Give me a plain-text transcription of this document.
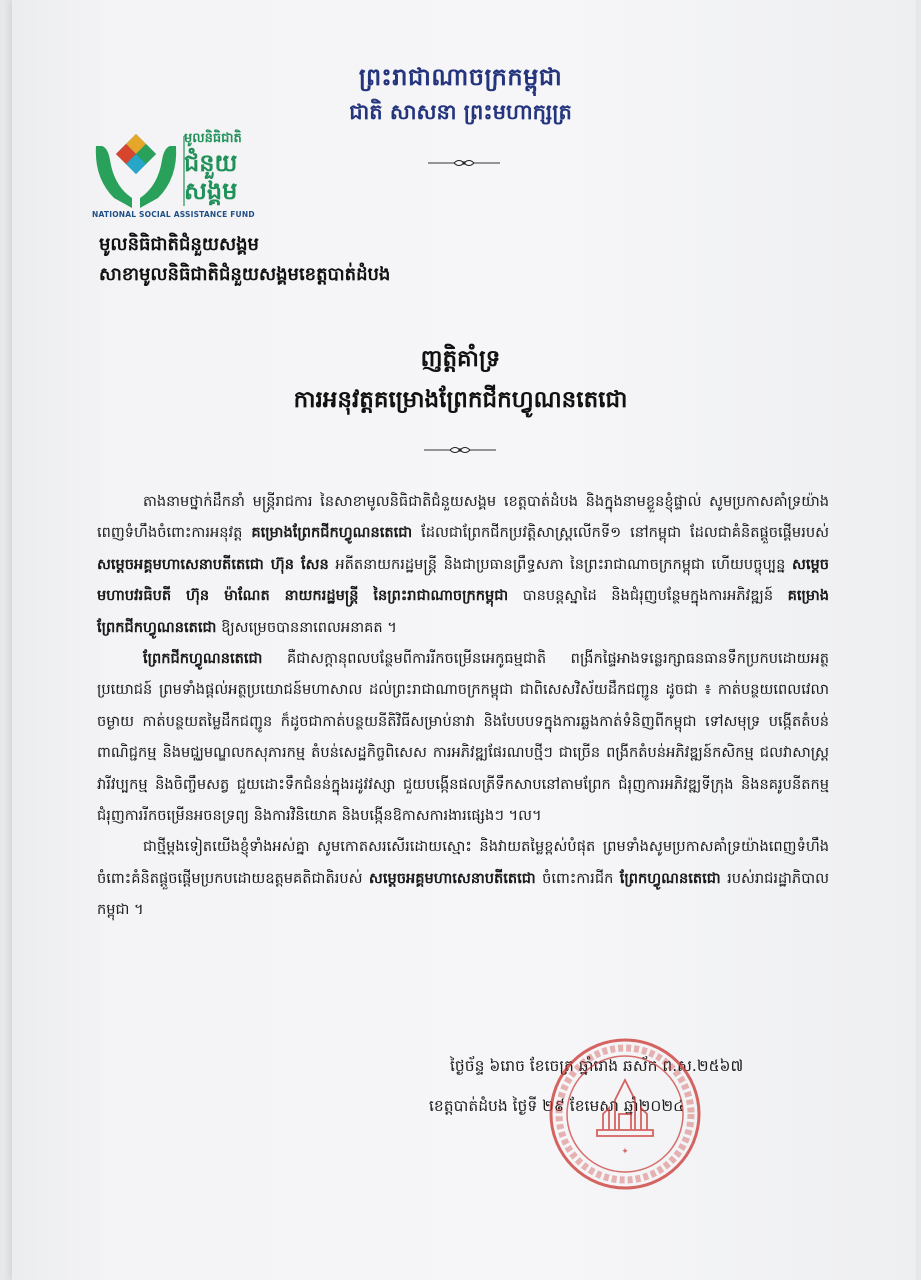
ព្រះរាជាណាចក្រកម្ពុជា
ជាតិ សាសនា ព្រះមហាក្សត្រ
មូលនិធិជាតិ
ជំនួយ
សង្គម
NATIONAL SOCIAL ASSISTANCE FUND
មូលនិធិជាតិជំនួយសង្គម
សាខាមូលនិធិជាតិជំនួយសង្គមខេត្តបាត់ដំបង
ញត្តិគាំទ្រ
ការអនុវត្តគម្រោងព្រែកជីកហ្វូណនតេជោ

តាងនាមថ្នាក់ដឹកនាំ មន្ត្រីរាជការ នៃសាខាមូលនិធិជាតិជំនួយសង្គម ខេត្តបាត់ដំបង និងក្នុងនាមខ្លួនខ្ញុំផ្ទាល់ សូមប្រកាសគាំទ្រយ៉ាងពេញទំហឹងចំពោះការអនុវត្ត គម្រោងព្រែកជីកហ្វូណនតេជោ ដែលជាព្រែកជីកប្រវត្តិសាស្ត្រលើកទី១ នៅកម្ពុជា ដែលជាគំនិតផ្តួចផ្តើមរបស់ សម្តេចអគ្គមហាសេនាបតីតេជោ ហ៊ុន សែន អតីតនាយករដ្ឋមន្ត្រី និងជាប្រធានព្រឹទ្ធសភា នៃព្រះរាជាណាចក្រកម្ពុជា ហើយបច្ចុប្បន្ន សម្តេចមហាបវរធិបតី ហ៊ុន ម៉ាណែត នាយករដ្ឋមន្ត្រី នៃព្រះរាជាណាចក្រកម្ពុជា បានបន្តស្នាដៃ និងជំរុញបន្ថែមក្នុងការអភិវឌ្ឍន៍ គម្រោងព្រែកជីកហ្វូណនតេជោ ឱ្យសម្រេចបាននាពេលអនាគត ។

ព្រែកជីកហ្វូណនតេជោ គឺជាសក្តានុពលបន្ថែមពីការរីកចម្រើនអេកូធម្មជាតិ ពង្រីកផ្ទៃអាងទន្លេរក្សាធនធានទឹកប្រកបដោយអត្ថប្រយោជន៍ ព្រមទាំងផ្តល់អត្ថប្រយោជន៍មហាសាល ដល់ព្រះរាជាណាចក្រកម្ពុជា ជាពិសេសវិស័យដឹកជញ្ជូន ដូចជា ៖ កាត់បន្ថយពេលវេលា ចម្ងាយ កាត់បន្ថយតម្លៃដឹកជញ្ជូន ក៏ដូចជាកាត់បន្ថយនីតិវិធីសម្រាប់នាវា និងបែបបទក្នុងការឆ្លងកាត់ទំនិញពីកម្ពុជា ទៅសមុទ្រ បង្កើតតំបន់ពាណិជ្ជកម្ម និងមជ្ឈមណ្ឌលកសុភារកម្ម តំបន់សេដ្ឋកិច្ចពិសេស ការអភិវឌ្ឍផែរណបថ្មីៗ ជាច្រើន ពង្រីកតំបន់អភិវឌ្ឍន៍កសិកម្ម ជលវាសាស្ត្រ វារីវប្បកម្ម និងចិញ្ចឹមសត្វ ជួយដោះទឹកជំនន់ក្នុងរដូវវស្សា ជួយបង្កើនផលត្រីទឹកសាបនៅតាមព្រែក ជំរុញការអភិវឌ្ឍទីក្រុង និងនគរូបនីតកម្ម ជំរុញការរីកចម្រើនអចនទ្រព្យ និងការវិនិយោគ និងបង្កើនឱកាសការងារផ្សេងៗ ។ល។

ជាថ្មីម្តងទៀតយើងខ្ញុំទាំងអស់គ្នា សូមកោតសរសើរដោយស្មោះ និងវាយតម្លៃខ្ពស់បំផុត ព្រមទាំងសូមប្រកាសគាំទ្រយ៉ាងពេញទំហឹងចំពោះគំនិតផ្តួចផ្តើមប្រកបដោយឧត្តមគតិជាតិរបស់ សម្តេចអគ្គមហាសេនាបតីតេជោ ចំពោះការជីក ព្រែកហ្វូណនតេជោ របស់រាជរដ្ឋាភិបាលកម្ពុជា ។

ថ្ងៃច័ន្ទ ៦រោច ខែចេត្រ ឆ្នាំរោង ឆស័ក ព.ស.២៥៦៧
ខេត្តបាត់ដំបង ថ្ងៃទី ២៩ ខែមេសា ឆ្នាំ២០២៤
✦
